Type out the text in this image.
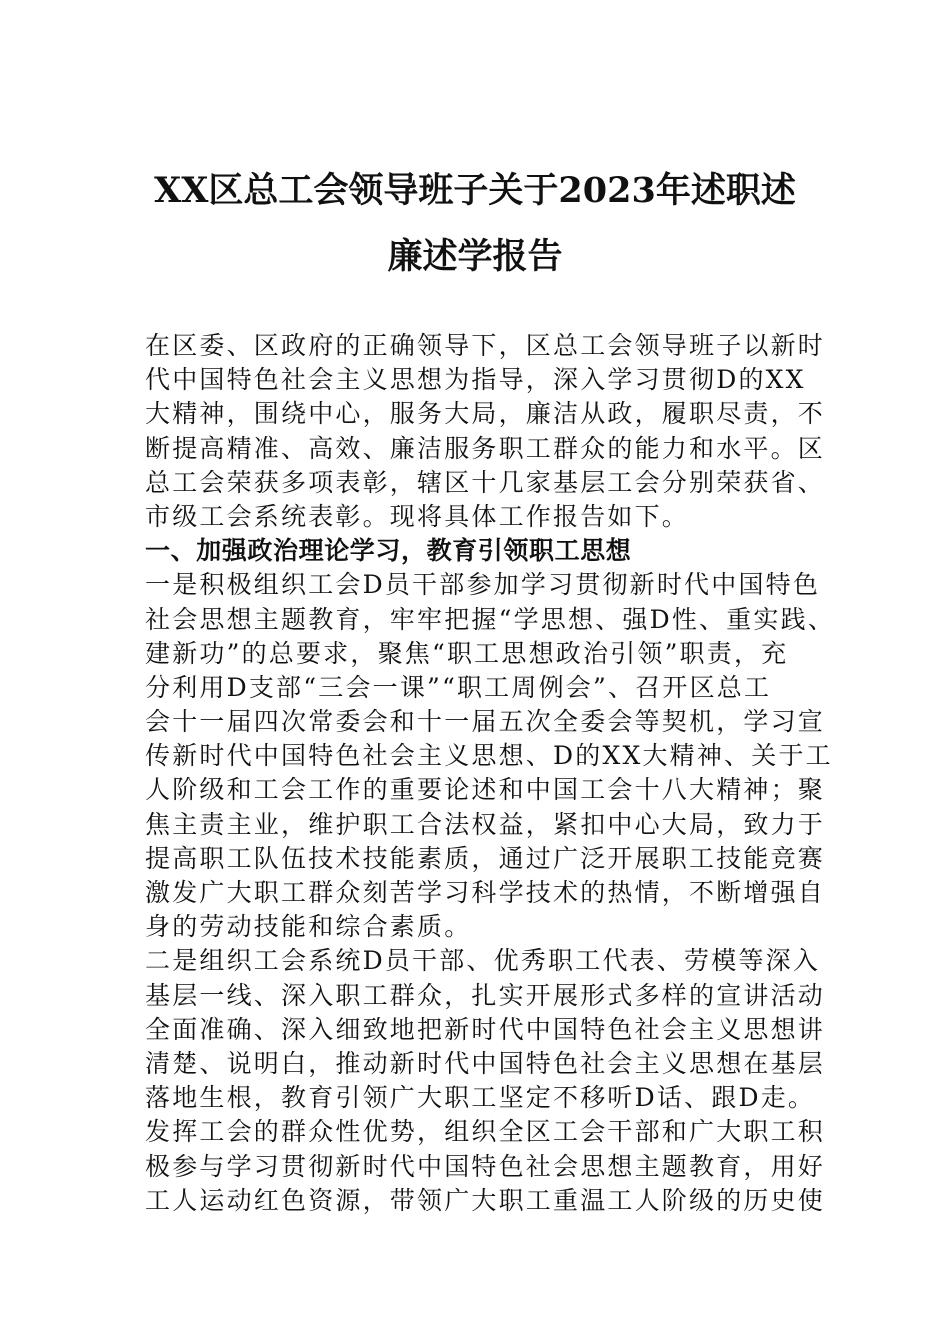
XX区总工会领导班子关于2023年述职述
廉述学报告
在区委、区政府的正确领导下，区总工会领导班子以新时
代中国特色社会主义思想为指导，深入学习贯彻D的XX
大精神，围绕中心，服务大局，廉洁从政，履职尽责，不
断提高精准、高效、廉洁服务职工群众的能力和水平。区
总工会荣获多项表彰，辖区十几家基层工会分别荣获省、
市级工会系统表彰。现将具体工作报告如下。
一、加强政治理论学习，教育引领职工思想
一是积极组织工会D员干部参加学习贯彻新时代中国特色
社会思想主题教育，牢牢把握“学思想、强D性、重实践、
建新功”的总要求，聚焦“职工思想政治引领”职责，充
分利用D支部“三会一课”“职工周例会”、召开区总工
会十一届四次常委会和十一届五次全委会等契机，学习宣
传新时代中国特色社会主义思想、D的XX大精神、关于工
人阶级和工会工作的重要论述和中国工会十八大精神；聚
焦主责主业，维护职工合法权益，紧扣中心大局，致力于
提高职工队伍技术技能素质，通过广泛开展职工技能竞赛
激发广大职工群众刻苦学习科学技术的热情，不断增强自
身的劳动技能和综合素质。
二是组织工会系统D员干部、优秀职工代表、劳模等深入
基层一线、深入职工群众，扎实开展形式多样的宣讲活动
全面准确、深入细致地把新时代中国特色社会主义思想讲
清楚、说明白，推动新时代中国特色社会主义思想在基层
落地生根，教育引领广大职工坚定不移听D话、跟D走。
发挥工会的群众性优势，组织全区工会干部和广大职工积
极参与学习贯彻新时代中国特色社会思想主题教育，用好
工人运动红色资源，带领广大职工重温工人阶级的历史使
